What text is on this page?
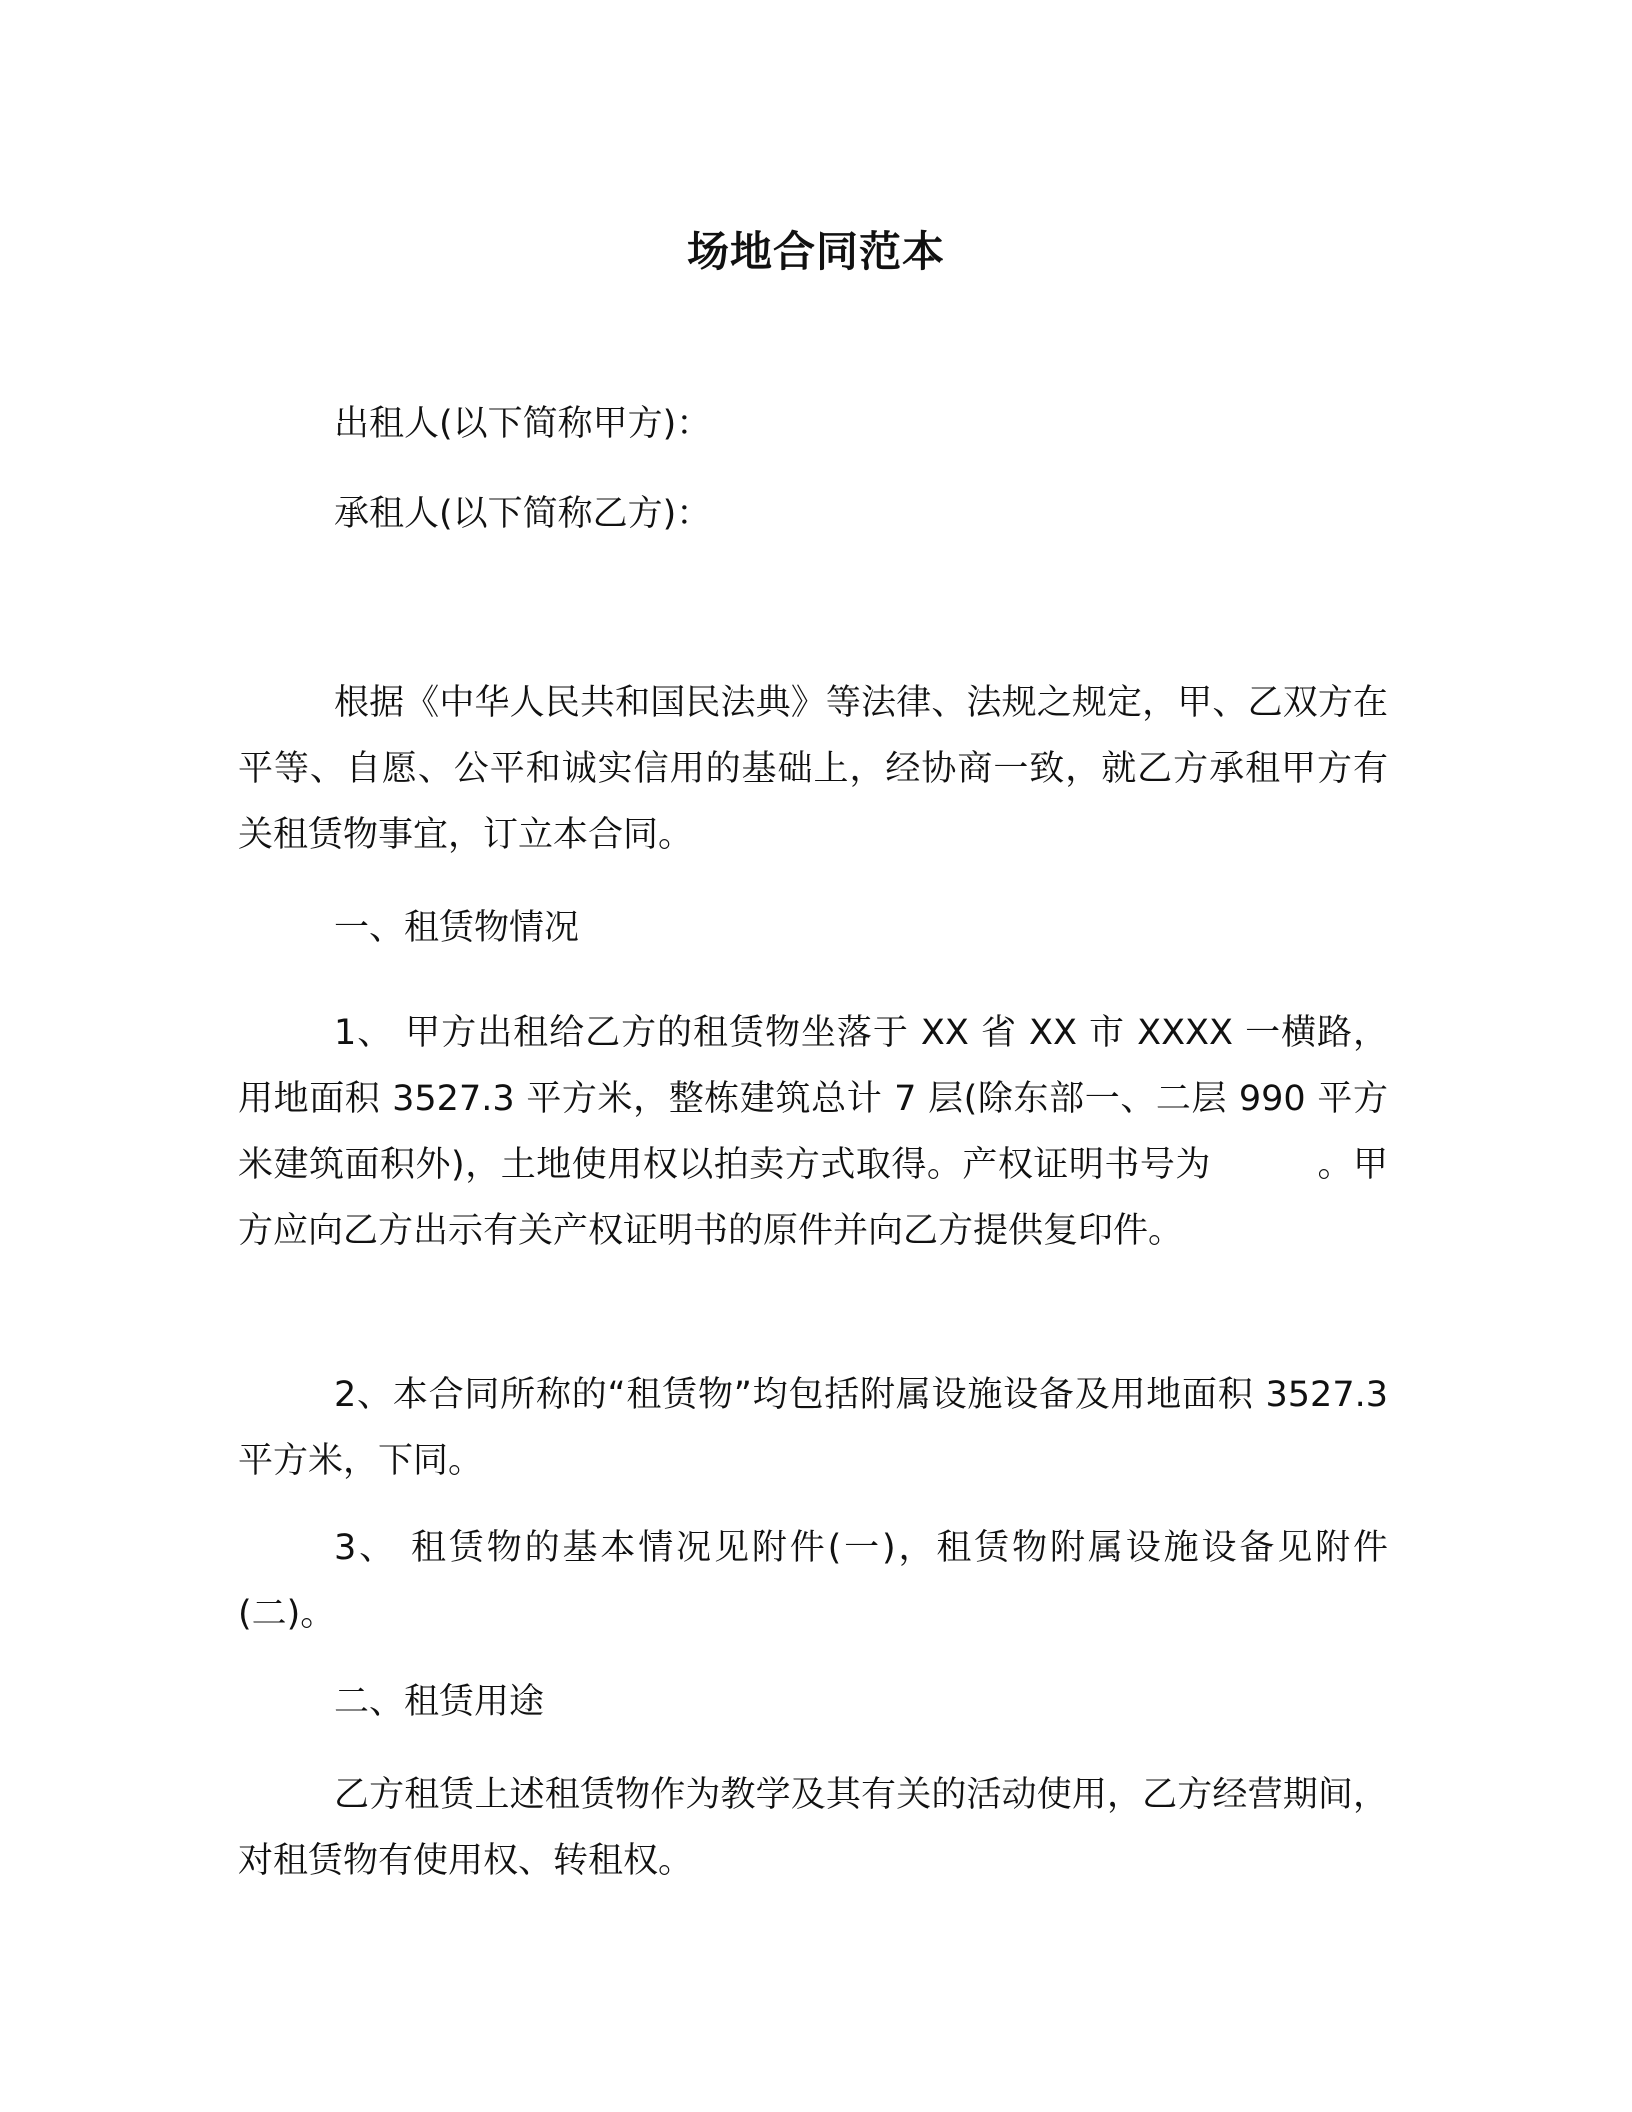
场地合同范本
出租人(以下简称甲方)：
承租人(以下简称乙方)：

根据《中华人民共和国民法典》等法律、法规之规定，甲、乙双方在平等、自愿、公平和诚实信用的基础上，经协商一致，就乙方承租甲方有关租赁物事宜，订立本合同。

一、租赁物情况

1、 甲方出租给乙方的租赁物坐落于 XX 省 XX 市 XXXX 一横路，用地面积 3527.3 平方米，整栋建筑总计 7 层(除东部一、二层 990 平方米建筑面积外)，土地使用权以拍卖方式取得。产权证明书号为　　　。甲方应向乙方出示有关产权证明书的原件并向乙方提供复印件。

2、本合同所称的“租赁物”均包括附属设施设备及用地面积 3527.3 平方米，下同。

3、 租赁物的基本情况见附件(一)，租赁物附属设施设备见附件(二)。

二、租赁用途

乙方租赁上述租赁物作为教学及其有关的活动使用，乙方经营期间，对租赁物有使用权、转租权。
